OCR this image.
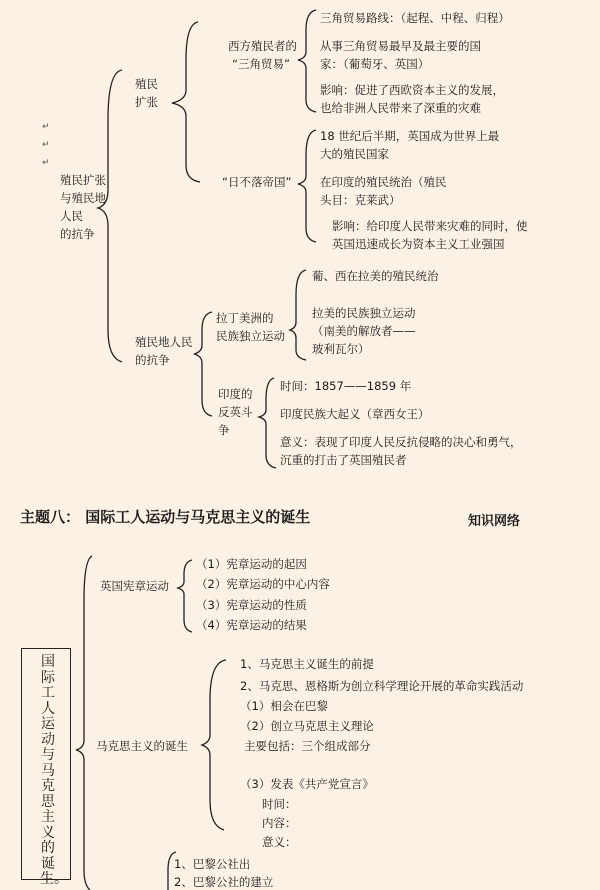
↵
↵
↵
殖民扩张
与殖民地
人民
的抗争
殖民
扩张
西方殖民者的
“三角贸易”
三角贸易路线：（起程、中程、归程）
从事三角贸易最早及最主要的国
家：（葡萄牙、英国）
影响：促进了西欧资本主义的发展，
也给非洲人民带来了深重的灾难
“日不落帝国”
18 世纪后半期，英国成为世界上最
大的殖民国家
在印度的殖民统治（殖民
头目：克莱武）
影响：给印度人民带来灾难的同时，使
英国迅速成长为资本主义工业强国
殖民地人民
的抗争
拉丁美洲的
民族独立运动
葡、西在拉美的殖民统治
拉美的民族独立运动
（南美的解放者——
玻利瓦尔）
印度的
反英斗
争
时间：1857——1859 年
印度民族大起义（章西女王）
意义：表现了印度人民反抗侵略的决心和勇气，
沉重的打击了英国殖民者
主题八： 国际工人运动与马克思主义的诞生	知识网络
国际工人运动与马克思主义的诞生。
英国宪章运动
（1）宪章运动的起因
（2）宪章运动的中心内容
（3）宪章运动的性质
（4）宪章运动的结果
马克思主义的诞生
1、马克思主义诞生的前提
2、马克思、恩格斯为创立科学理论开展的革命实践活动
（1）相会在巴黎
（2）创立马克思主义理论
主要包括：三个组成部分
（3）发表《共产党宣言》
时间：
内容：
意义：
1、巴黎公社出
2、巴黎公社的建立
